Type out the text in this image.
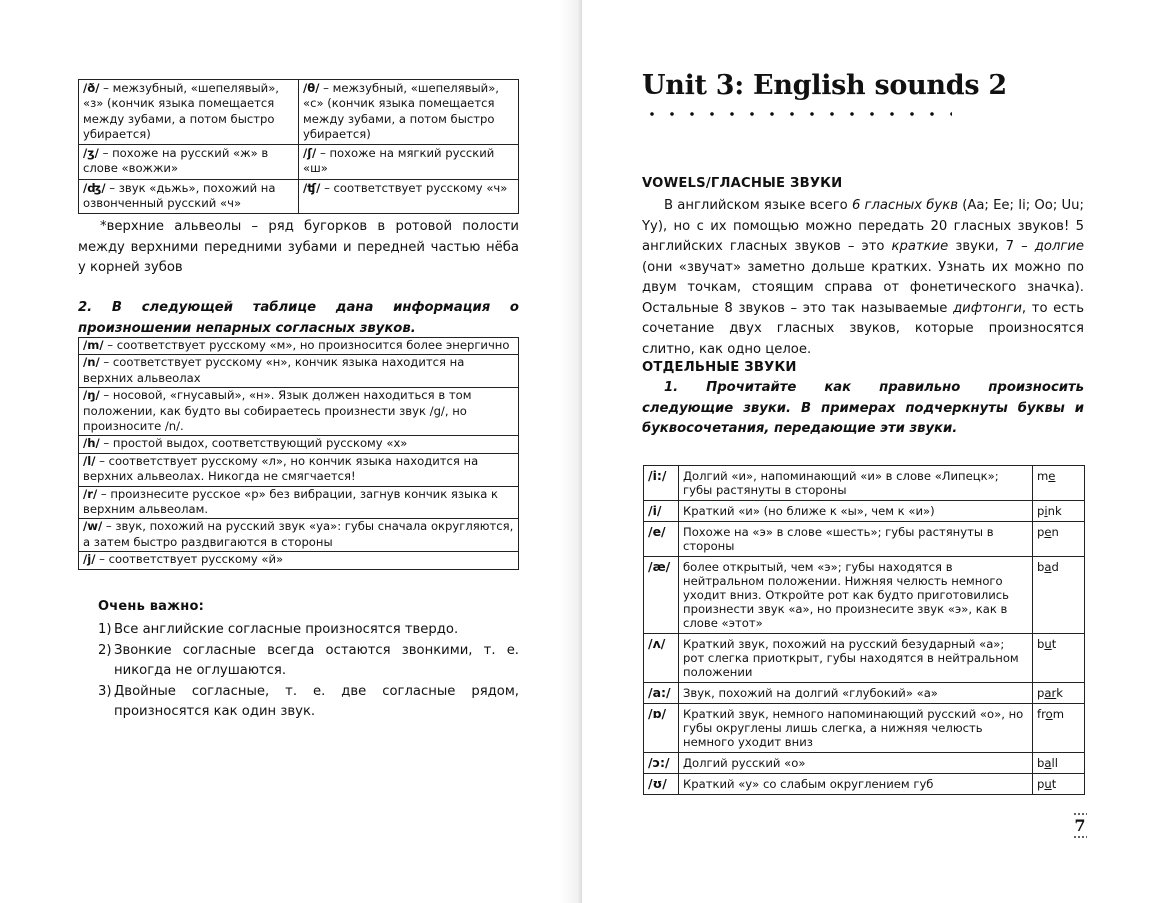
/ð/ – межзубный, «шепелявый», «з» (кончик языка помещается между зубами, а потом быстро убирается)	/θ/ – межзубный, «шепелявый», «с» (кончик языка помещается между зубами, а потом быстро убирается)
/ʒ/ – похоже на русский «ж» в слове «вожжи»	/ʃ/ – похоже на мягкий русский «ш»
/ʤ/ – звук «дьжь», похожий на озвонченный русский «ч»	/ʧ/ – соответствует русскому «ч»

*верхние альвеолы – ряд бугорков в ротовой полости между верхними передними зубами и передней частью нёба у корней зубов

2. В следующей таблице дана информация о произношении непарных согласных звуков.

/m/ – соответствует русскому «м», но произносится более энергично
/n/ – соответствует русскому «н», кончик языка находится на верхних альвеолах
/ŋ/ – носовой, «гнусавый», «н». Язык должен находиться в том положении, как будто вы собираетесь произнести звук /g/, но произносите /n/.
/h/ – простой выдох, соответствующий русскому «х»
/l/ – соответствует русскому «л», но кончик языка находится на верхних альвеолах. Никогда не смягчается!
/r/ – произнесите русское «р» без вибрации, загнув кончик языка к верхним альвеолам.
/w/ – звук, похожий на русский звук «уа»: губы сначала округляются, а затем быстро раздвигаются в стороны
/j/ – соответствует русскому «й»
Очень важно:
1) Все английские согласные произносятся твердо.
2) Звонкие согласные всегда остаются звонкими, т. е. никогда не оглушаются.
3) Двойные согласные, т. е. две согласные рядом, произносятся как один звук.
Unit 3: English sounds 2
VOWELS/ГЛАСНЫЕ ЗВУКИ

В английском языке всего 6 гласных букв (Aa; Ee; Ii; Oo; Uu; Yy), но с их помощью можно передать 20 гласных звуков! 5 английских гласных звуков – это краткие звуки, 7 – долгие (они «звучат» заметно дольше кратких. Узнать их можно по двум точкам, стоящим справа от фонетического значка). Остальные 8 звуков – это так называемые дифтонги, то есть сочетание двух гласных звуков, которые произносятся слитно, как одно целое.

ОТДЕЛЬНЫЕ ЗВУКИ

1. Прочитайте как правильно произносить следующие звуки. В примерах подчеркнуты буквы и буквосочетания, передающие эти звуки.

/i:/	Долгий «и», напоминающий «и» в слове «Липецк»; губы растянуты в стороны	me
/i/	Краткий «и» (но ближе к «ы», чем к «и»)	pink
/e/	Похоже на «э» в слове «шесть»; губы растянуты в стороны	pen
/æ/	более открытый, чем «э»; губы находятся в нейтральном положении. Нижняя челюсть немного уходит вниз. Откройте рот как будто приготовились произнести звук «а», но произнесите звук «э», как в слове «этот»	bad
/ʌ/	Краткий звук, похожий на русский безударный «а»; рот слегка приоткрыт, губы находятся в нейтральном положении	but
/a:/	Звук, похожий на долгий «глубокий» «а»	park
/ɒ/	Краткий звук, немного напоминающий русский «о», но губы округлены лишь слегка, а нижняя челюсть немного уходит вниз	from
/ɔ:/	Долгий русский «о»	ball
/ʊ/	Краткий «у» со слабым округлением губ	put
7
